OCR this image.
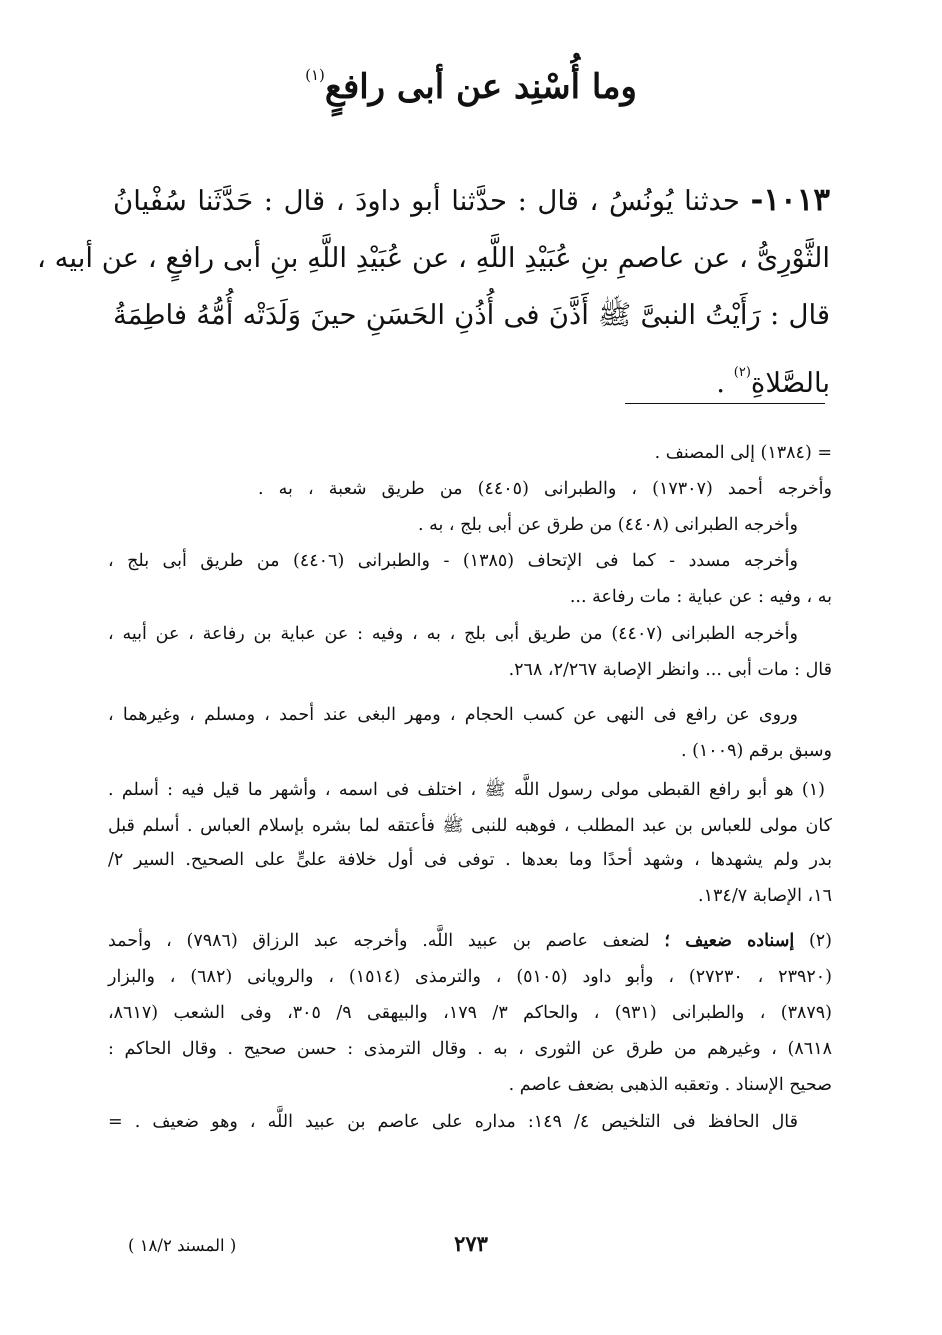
وما أُسْنِد عن أبى رافعٍ$^{(١)}$
١٠١٣- حدثنا يُونُسُ ، قال : حدَّثنا أبو داودَ ، قال : حَدَّثَنا سُفْيانُ
الثَّوْرِىُّ ، عن عاصمِ بنِ عُبَيْدِ اللَّهِ ، عن عُبَيْدِ اللَّهِ بنِ أبى رافعٍ ، عن أبيه ،
قال : رَأَيْتُ النبىَّ ﷺ أَذَّنَ فى أُذُنِ الحَسَنِ حينَ وَلَدَتْه أُمُّهُ فاطِمَةُ
بالصَّلاةِ$^{(٢)}$ .
= (١٣٨٤) إلى المصنف .
وأخرجه أحمد (١٧٣٠٧) ، والطبرانى (٤٤٠٥) من طريق شعبة ، به .
وأخرجه الطبرانى (٤٤٠٨) من طرق عن أبى بلج ، به .
وأخرجه مسدد - كما فى الإتحاف (١٣٨٥) - والطبرانى (٤٤٠٦) من طريق أبى بلج ،
به ، وفيه : عن عباية : مات رفاعة ...
وأخرجه الطبرانى (٤٤٠٧) من طريق أبى بلج ، به ، وفيه : عن عباية بن رفاعة ، عن أبيه ،
قال : مات أبى ... وانظر الإصابة ٢/٢٦٧، ٢٦٨.
وروى عن رافع فى النهى عن كسب الحجام ، ومهر البغى عند أحمد ، ومسلم ، وغيرهما ،
وسبق برقم (١٠٠٩) .
(١) هو أبو رافع القبطى مولى رسول اللَّه ﷺ ، اختلف فى اسمه ، وأشهر ما قيل فيه : أسلم .
كان مولى للعباس بن عبد المطلب ، فوهبه للنبى ﷺ فأعتقه لما بشره بإسلام العباس . أسلم قبل
بدر ولم يشهدها ، وشهد أحدًا وما بعدها . توفى فى أول خلافة علىٍّ على الصحيح. السير ٢/
١٦، الإصابة ١٣٤/٧.
(٢) إسناده ضعيف ؛ لضعف عاصم بن عبيد اللَّه. وأخرجه عبد الرزاق (٧٩٨٦) ، وأحمد
(٢٣٩٢٠ ، ٢٧٢٣٠) ، وأبو داود (٥١٠٥) ، والترمذى (١٥١٤) ، والرويانى (٦٨٢) ، والبزار
(٣٨٧٩) ، والطبرانى (٩٣١) ، والحاكم ٣/ ١٧٩، والبيهقى ٩/ ٣٠٥، وفى الشعب (٨٦١٧،
٨٦١٨) ، وغيرهم من طرق عن الثورى ، به . وقال الترمذى : حسن صحيح . وقال الحاكم :
صحيح الإسناد . وتعقبه الذهبى بضعف عاصم .
قال الحافظ فى التلخيص ٤/ ١٤٩: مداره على عاصم بن عبيد اللَّه ، وهو ضعيف . =
٢٧٣
( المسند ١٨/٢ )
